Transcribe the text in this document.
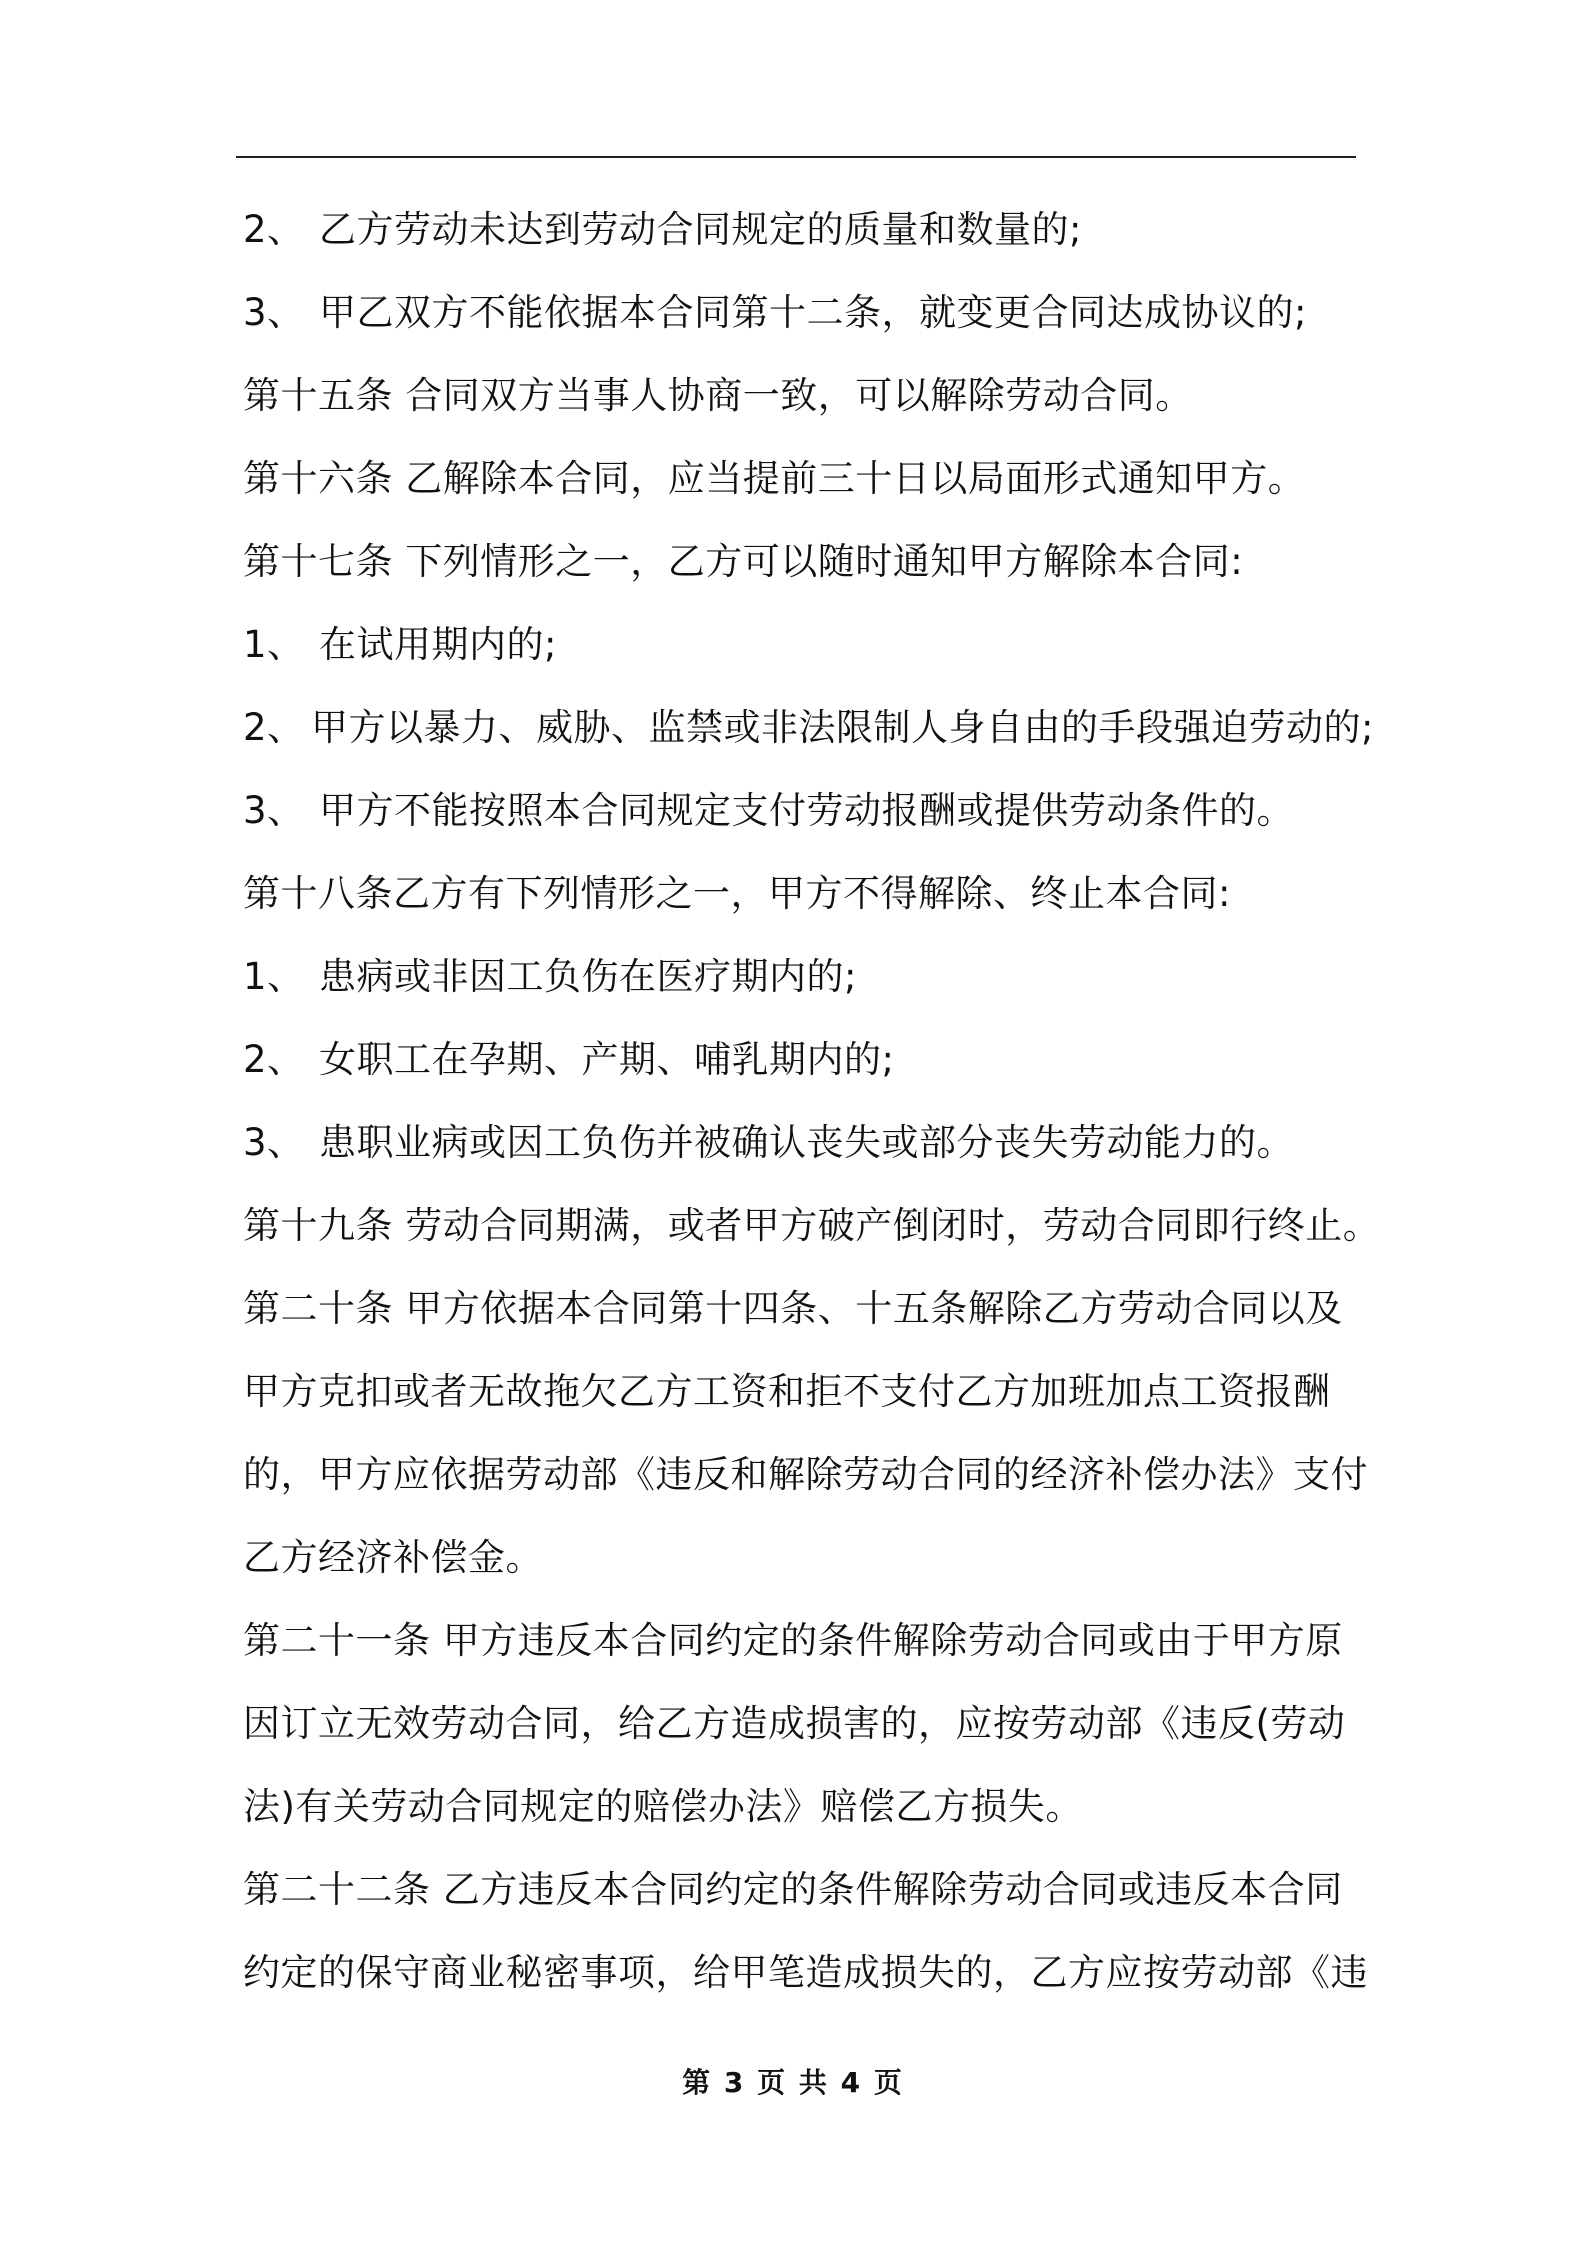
2、 乙方劳动未达到劳动合同规定的质量和数量的;
3、 甲乙双方不能依据本合同第十二条，就变更合同达成协议的;
第十五条 合同双方当事人协商一致，可以解除劳动合同。
第十六条 乙解除本合同，应当提前三十日以局面形式通知甲方。
第十七条 下列情形之一，乙方可以随时通知甲方解除本合同:
1、 在试用期内的;
2、 甲方以暴力、威胁、监禁或非法限制人身自由的手段强迫劳动的;
3、 甲方不能按照本合同规定支付劳动报酬或提供劳动条件的。
第十八条乙方有下列情形之一，甲方不得解除、终止本合同:
1、 患病或非因工负伤在医疗期内的;
2、 女职工在孕期、产期、哺乳期内的;
3、 患职业病或因工负伤并被确认丧失或部分丧失劳动能力的。
第十九条 劳动合同期满，或者甲方破产倒闭时，劳动合同即行终止。
第二十条 甲方依据本合同第十四条、十五条解除乙方劳动合同以及
甲方克扣或者无故拖欠乙方工资和拒不支付乙方加班加点工资报酬
的，甲方应依据劳动部《违反和解除劳动合同的经济补偿办法》支付
乙方经济补偿金。
第二十一条 甲方违反本合同约定的条件解除劳动合同或由于甲方原
因订立无效劳动合同，给乙方造成损害的，应按劳动部《违反(劳动
法)有关劳动合同规定的赔偿办法》赔偿乙方损失。
第二十二条 乙方违反本合同约定的条件解除劳动合同或违反本合同
约定的保守商业秘密事项，给甲笔造成损失的，乙方应按劳动部《违
第 3 页 共 4 页
